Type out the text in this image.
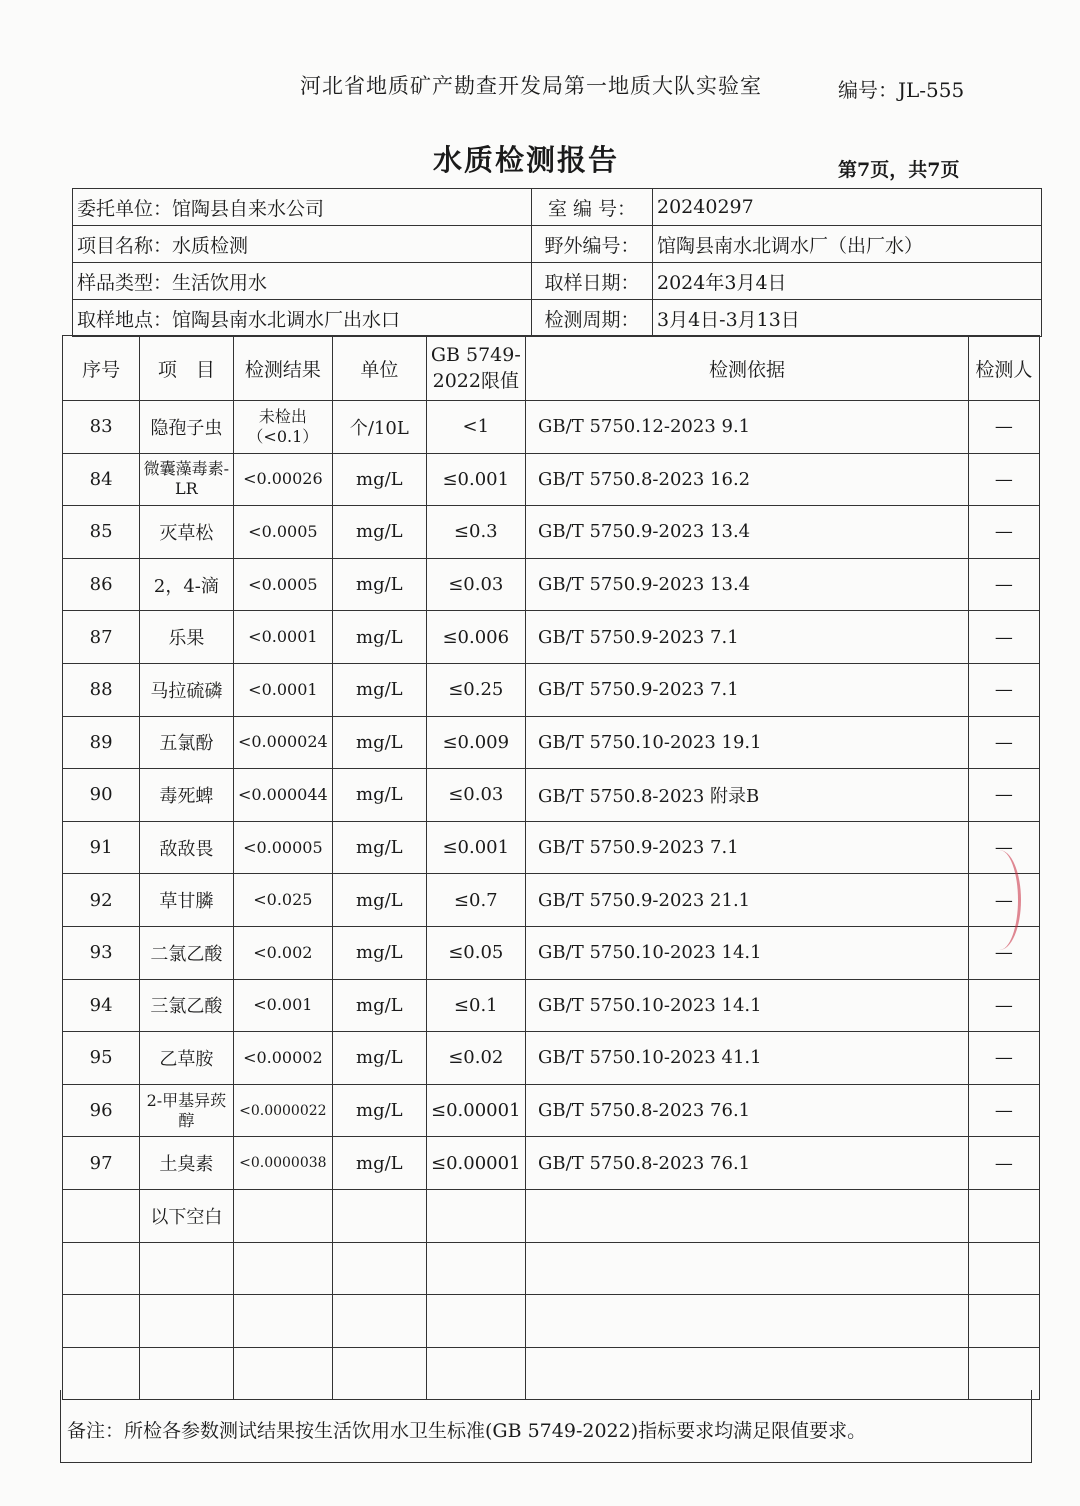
河北省地质矿产勘查开发局第一地质大队实验室	编号：JL-555
水质检测报告	第7页，共7页
委托单位：馆陶县自来水公司	室 编 号：	20240297
项目名称：水质检测	野外编号：	馆陶县南水北调水厂（出厂水）
样品类型：生活饮用水	取样日期：	2024年3月4日
取样地点：馆陶县南水北调水厂出水口	检测周期：	3月4日-3月13日
序号	项　目	检测结果	单位	GB 5749-2022限值	检测依据	检测人
83	隐孢子虫	未检出（<0.1）	个/10L	<1	GB/T 5750.12-2023 9.1	—
84	微囊藻毒素-LR	<0.00026	mg/L	≤0.001	GB/T 5750.8-2023 16.2	—
85	灭草松	<0.0005	mg/L	≤0.3	GB/T 5750.9-2023 13.4	—
86	2，4-滴	<0.0005	mg/L	≤0.03	GB/T 5750.9-2023 13.4	—
87	乐果	<0.0001	mg/L	≤0.006	GB/T 5750.9-2023 7.1	—
88	马拉硫磷	<0.0001	mg/L	≤0.25	GB/T 5750.9-2023 7.1	—
89	五氯酚	<0.000024	mg/L	≤0.009	GB/T 5750.10-2023 19.1	—
90	毒死蜱	<0.000044	mg/L	≤0.03	GB/T 5750.8-2023 附录B	—
91	敌敌畏	<0.00005	mg/L	≤0.001	GB/T 5750.9-2023 7.1	—
92	草甘膦	<0.025	mg/L	≤0.7	GB/T 5750.9-2023 21.1	—
93	二氯乙酸	<0.002	mg/L	≤0.05	GB/T 5750.10-2023 14.1	—
94	三氯乙酸	<0.001	mg/L	≤0.1	GB/T 5750.10-2023 14.1	—
95	乙草胺	<0.00002	mg/L	≤0.02	GB/T 5750.10-2023 41.1	—
96	2-甲基异莰醇	<0.0000022	mg/L	≤0.00001	GB/T 5750.8-2023 76.1	—
97	土臭素	<0.0000038	mg/L	≤0.00001	GB/T 5750.8-2023 76.1	—
	以下空白					

备注：所检各参数测试结果按生活饮用水卫生标准(GB 5749-2022)指标要求均满足限值要求。
